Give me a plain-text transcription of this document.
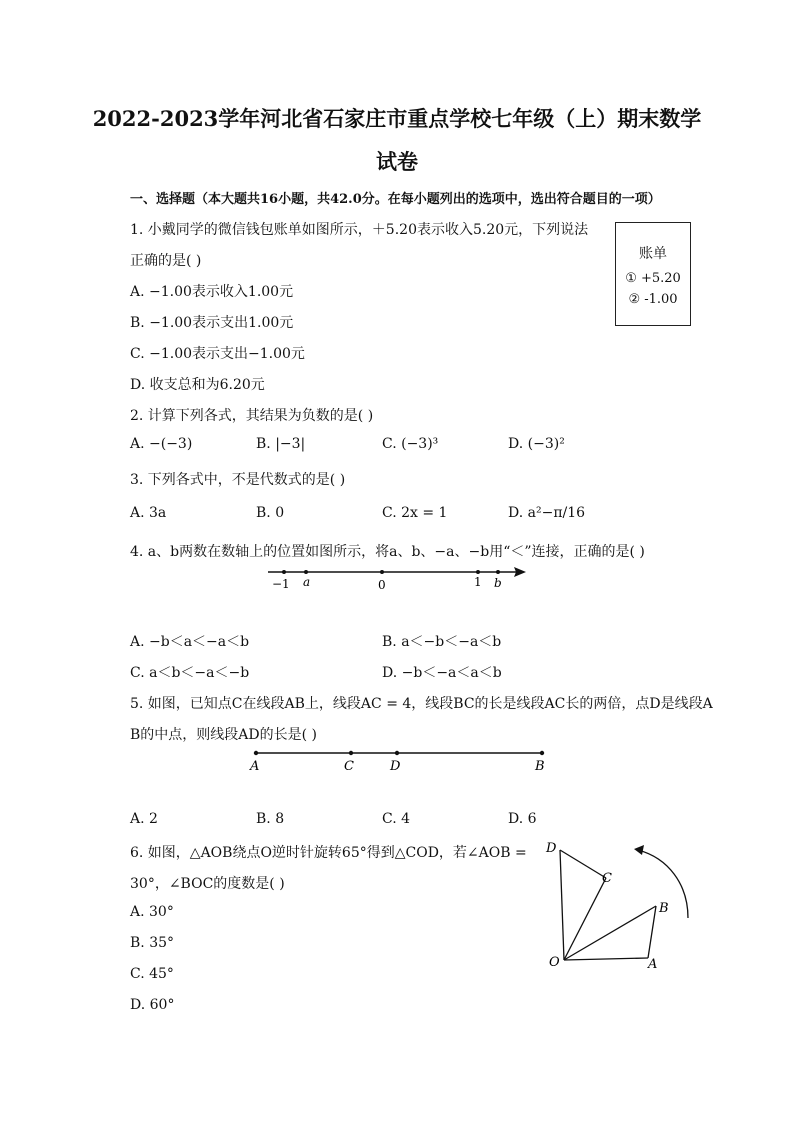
2022-2023学年河北省石家庄市重点学校七年级（上）期末数学
试卷
一、选择题（本大题共16小题，共42.0分。在每小题列出的选项中，选出符合题目的一项）
1. 小戴同学的微信钱包账单如图所示，＋5.20表示收入5.20元，下列说法
正确的是( )
A. −1.00表示收入1.00元
B. −1.00表示支出1.00元
C. −1.00表示支出−1.00元
D. 收支总和为6.20元
账单
① +5.20
② -1.00
2. 计算下列各式，其结果为负数的是( )
A. −(−3)	B. |−3|	C. (−3)³	D. (−3)²
3. 下列各式中，不是代数式的是( )
A. 3a	B. 0	C. 2x = 1	D. a²−π/16
4. a、b两数在数轴上的位置如图所示，将a、b、−a、−b用“＜”连接，正确的是( )
−1 a	0	1 b
A. −b＜a＜−a＜b	B. a＜−b＜−a＜b
C. a＜b＜−a＜−b	D. −b＜−a＜a＜b
5. 如图，已知点C在线段AB上，线段AC = 4，线段BC的长是线段AC长的两倍，点D是线段A
B的中点，则线段AD的长是( )
A	C	D	B
A. 2	B. 8	C. 4	D. 6
6. 如图，△AOB绕点O逆时针旋转65°得到△COD，若∠AOB =
30°，∠BOC的度数是( )
A. 30°
B. 35°
C. 45°
D. 60°
D
C
B
O	A
